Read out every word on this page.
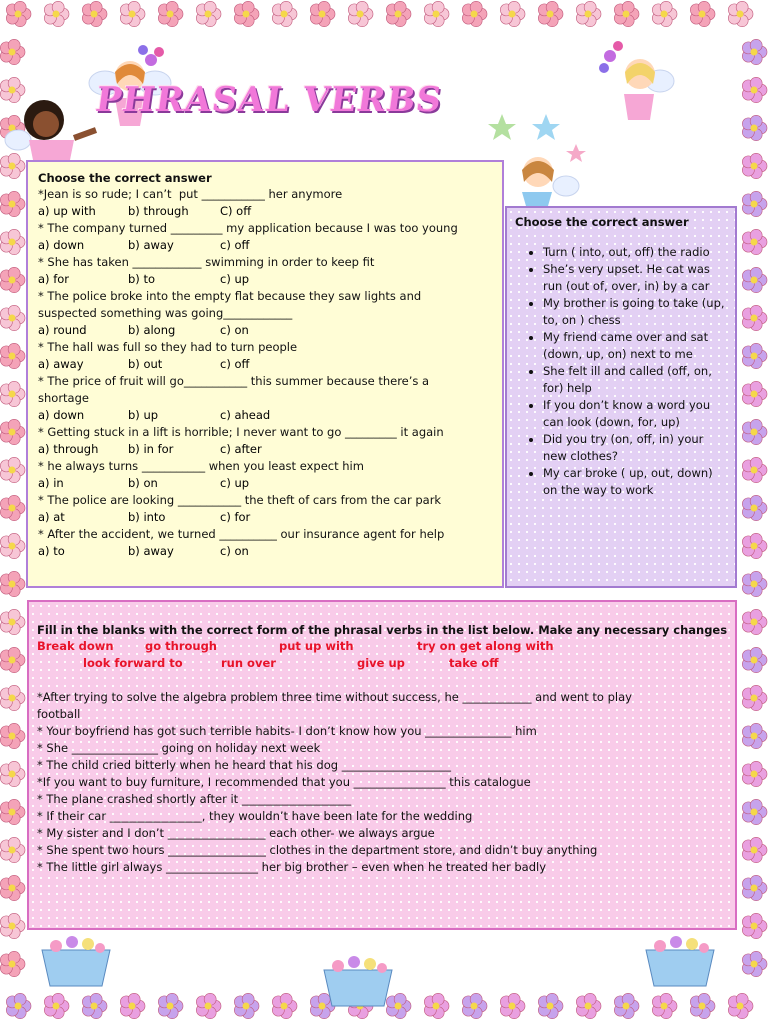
PHRASAL VERBS
Choose the correct answer
*Jean is so rude; I can’t  put ___________ her anymore
a) up with	b) through	C) off
* The company turned _________ my application because I was too young
a) down	b) away	c) off
* She has taken ____________ swimming in order to keep fit
a) for	b) to	c) up
* The police broke into the empty flat because they saw lights and
suspected something was going____________
a) round	b) along	c) on
* The hall was full so they had to turn people
a) away	b) out	c) off
* The price of fruit will go___________ this summer because there’s a
shortage
a) down	b) up	c) ahead
* Getting stuck in a lift is horrible; I never want to go _________ it again
a) through	b) in for	c) after
* he always turns ___________ when you least expect him
a) in	b) on	c) up
* The police are looking ___________ the theft of cars from the car park
a) at	b) into	c) for
* After the accident, we turned __________ our insurance agent for help
a) to	b) away	c) on
Choose the correct answer
• Turn ( into, out, off) the radio
• She’s very upset. He cat was run (out of, over, in) by a car
• My brother is going to take (up, to, on ) chess
• My friend came over and sat (down, up, on) next to me
• She felt ill and called (off, on, for) help
• If you don’t know a word you can look (down, for, up)
• Did you try (on, off, in) your new clothes?
• My car broke ( up, out, down) on the way to work
Fill in the blanks with the correct form of the phrasal verbs in the list below. Make any necessary changes
Break down	go through	put up with	try on get along with
look forward to	run over	give up	take off
*After trying to solve the algebra problem three time without success, he ____________ and went to play
football
* Your boyfriend has got such terrible habits- I don’t know how you _______________ him
* She _______________ going on holiday next week
* The child cried bitterly when he heard that his dog ___________________
*If you want to buy furniture, I recommended that you ________________ this catalogue
* The plane crashed shortly after it ___________________
* If their car ________________, they wouldn’t have been late for the wedding
* My sister and I don’t _________________ each other- we always argue
* She spent two hours _________________ clothes in the department store, and didn’t buy anything
* The little girl always ________________ her big brother – even when he treated her badly
